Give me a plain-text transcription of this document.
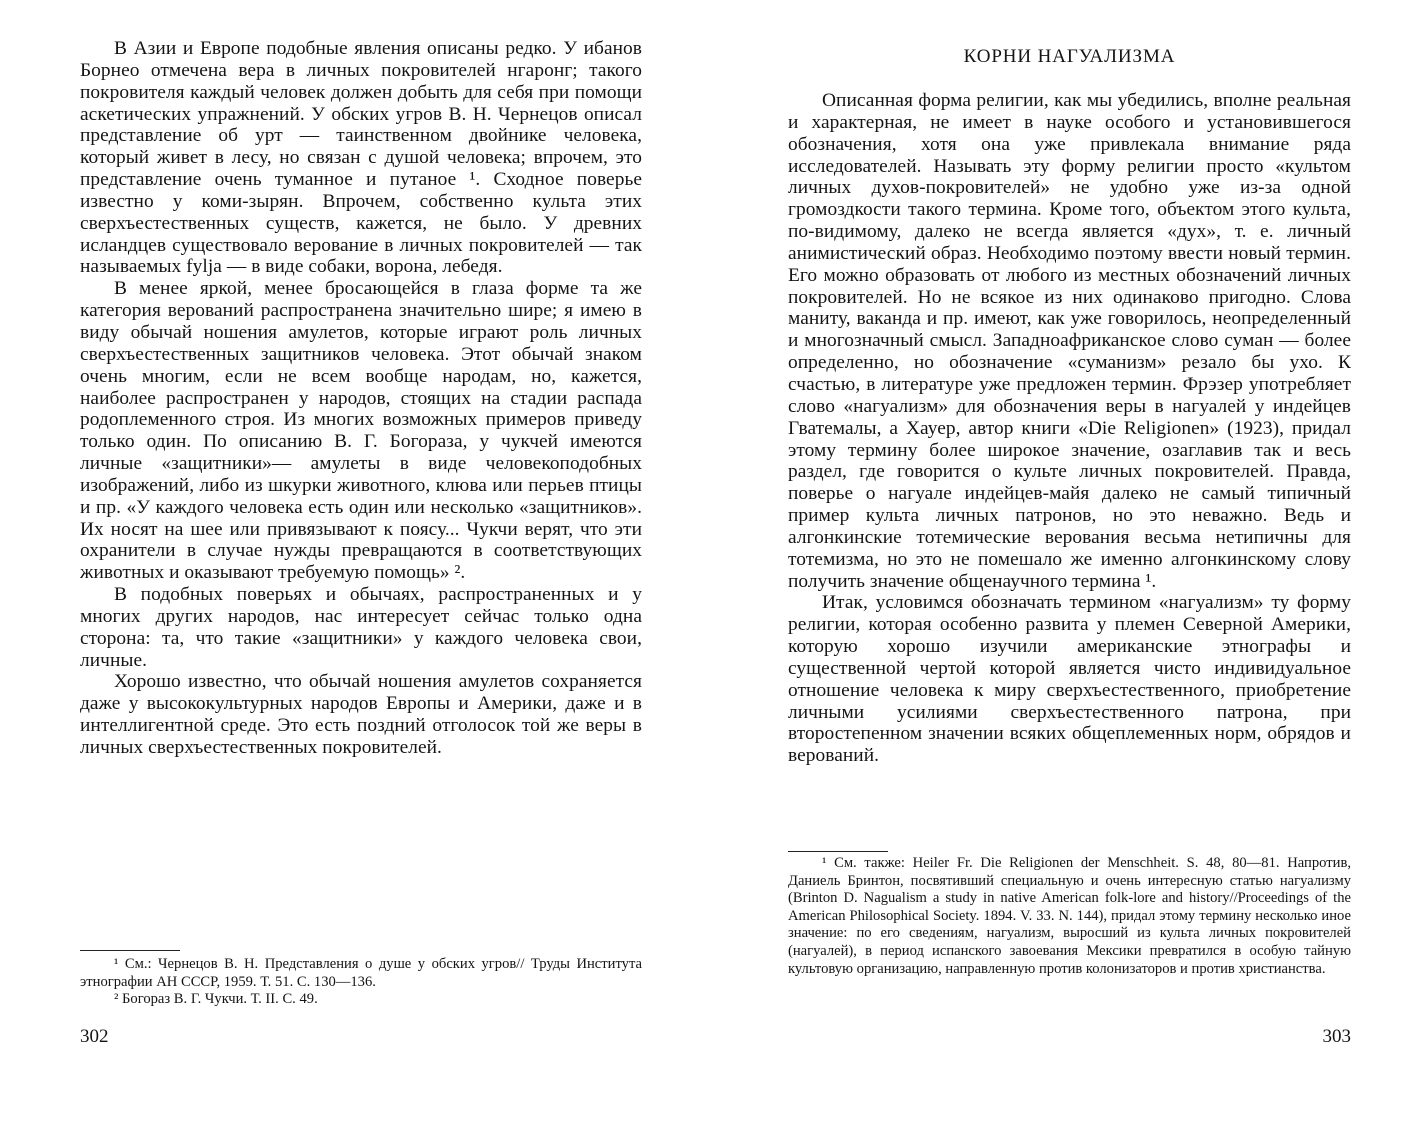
В Азии и Европе подобные явления описаны редко. У ибанов Борнео отмечена вера в личных покровителей нгаронг; такого покровителя каждый человек должен добыть для себя при помощи аскетических упражнений. У обских угров В. Н. Чернецов описал представление об урт — таинственном двойнике человека, который живет в лесу, но связан с душой человека; впрочем, это представление очень туманное и путаное ¹. Сходное поверье известно у коми-зырян. Впрочем, собственно культа этих сверхъестественных существ, кажется, не было. У древних исландцев существовало верование в личных покровителей — так называемых fylja — в виде собаки, ворона, лебедя.

В менее яркой, менее бросающейся в глаза форме та же категория верований распространена значительно шире; я имею в виду обычай ношения амулетов, которые играют роль личных сверхъестественных защитников человека. Этот обычай знаком очень многим, если не всем вообще народам, но, кажется, наиболее распространен у народов, стоящих на стадии распада родоплеменного строя. Из многих возможных примеров приведу только один. По описанию В. Г. Богораза, у чукчей имеются личные «защитники»— амулеты в виде человекоподобных изображений, либо из шкурки животного, клюва или перьев птицы и пр. «У каждого человека есть один или несколько «защитников». Их носят на шее или привязывают к поясу... Чукчи верят, что эти охранители в случае нужды превращаются в соответствующих животных и оказывают требуемую помощь» ².

В подобных поверьях и обычаях, распространенных и у многих других народов, нас интересует сейчас только одна сторона: та, что такие «защитники» у каждого человека свои, личные.

Хорошо известно, что обычай ношения амулетов сохраняется даже у высококультурных народов Европы и Америки, даже и в интеллигентной среде. Это есть поздний отголосок той же веры в личных сверхъестественных покровителей.

¹ См.: Чернецов В. Н. Представления о душе у обских угров// Труды Института этнографии АН СССР, 1959. Т. 51. С. 130—136.

² Богораз В. Г. Чукчи. Т. II. С. 49.

302
КОРНИ НАГУАЛИЗМА

Описанная форма религии, как мы убедились, вполне реальная и характерная, не имеет в науке особого и установившегося обозначения, хотя она уже привлекала внимание ряда исследователей. Называть эту форму религии просто «культом личных духов-покровителей» не удобно уже из-за одной громоздкости такого термина. Кроме того, объектом этого культа, по-видимому, далеко не всегда является «дух», т. е. личный анимистический образ. Необходимо поэтому ввести новый термин. Его можно образовать от любого из местных обозначений личных покровителей. Но не всякое из них одинаково пригодно. Слова маниту, ваканда и пр. имеют, как уже говорилось, неопределенный и многозначный смысл. Западноафриканское слово суман — более определенно, но обозначение «суманизм» резало бы ухо. К счастью, в литературе уже предложен термин. Фрэзер употребляет слово «нагуализм» для обозначения веры в нагуалей у индейцев Гватемалы, а Хауер, автор книги «Die Religionen» (1923), придал этому термину более широкое значение, озаглавив так и весь раздел, где говорится о культе личных покровителей. Правда, поверье о нагуале индейцев-майя далеко не самый типичный пример культа личных патронов, но это неважно. Ведь и алгонкинские тотемические верования весьма нетипичны для тотемизма, но это не помешало же именно алгонкинскому слову получить значение общенаучного термина ¹.

Итак, условимся обозначать термином «нагуализм» ту форму религии, которая особенно развита у племен Северной Америки, которую хорошо изучили американские этнографы и существенной чертой которой является чисто индивидуальное отношение человека к миру сверхъестественного, приобретение личными усилиями сверхъестественного патрона, при второстепенном значении всяких общеплеменных норм, обрядов и верований.

¹ См. также: Heiler Fr. Die Religionen der Menschheit. S. 48, 80—81. Напротив, Даниель Бринтон, посвятивший специальную и очень интересную статью нагуализму (Brinton D. Nagualism a study in native American folk-lore and history//Proceedings of the American Philosophical Society. 1894. V. 33. N. 144), придал этому термину несколько иное значение: по его сведениям, нагуализм, выросший из культа личных покровителей (нагуалей), в период испанского завоевания Мексики превратился в особую тайную культовую организацию, направленную против колонизаторов и против христианства.

303
